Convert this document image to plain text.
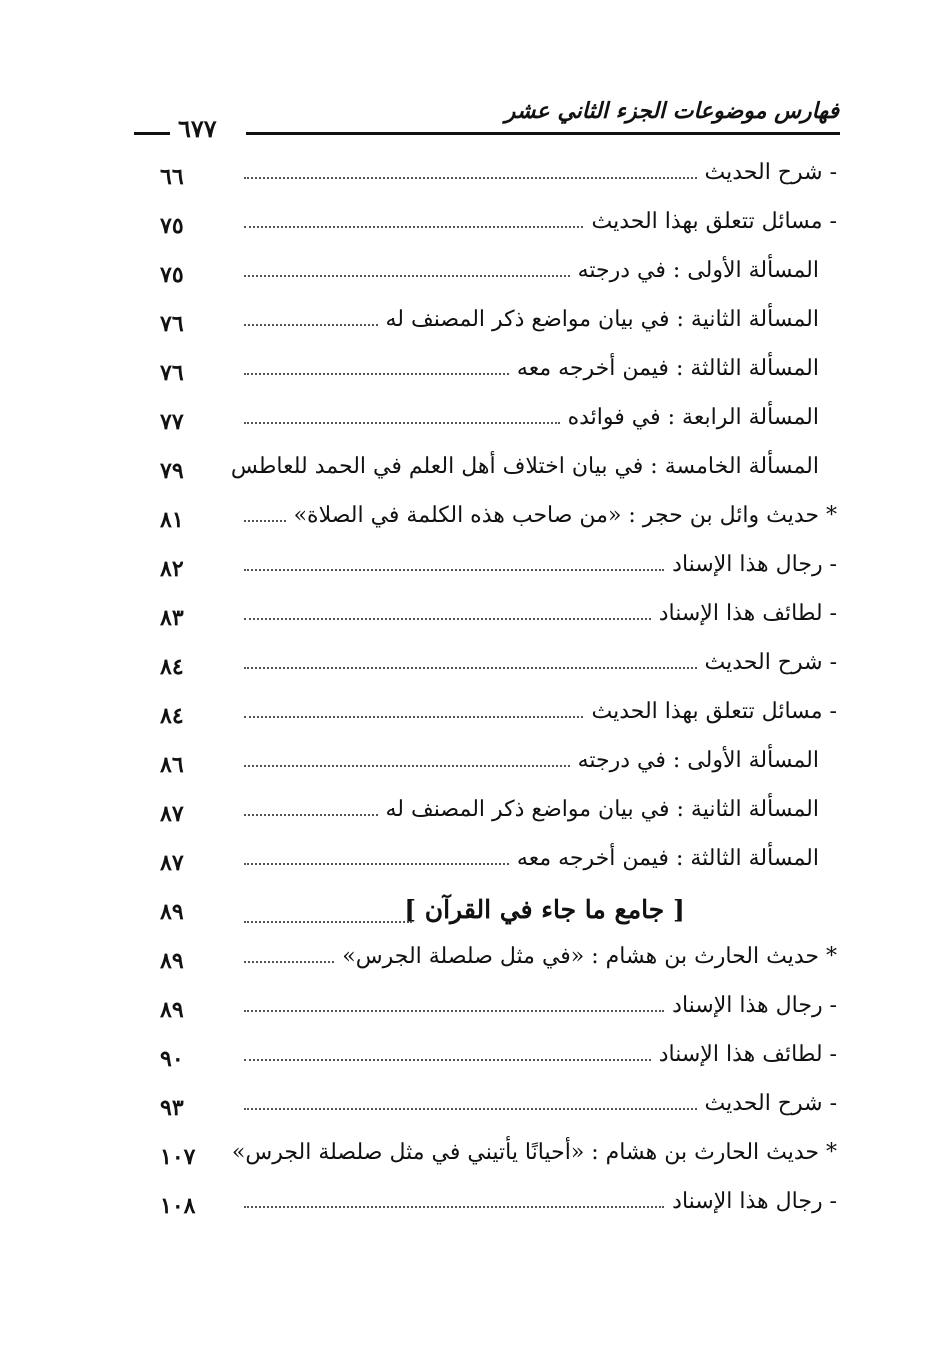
فهارس موضوعات الجزء الثاني عشر
٦٧٧
٦٦	- شرح الحديث
٧٥	- مسائل تتعلق بهذا الحديث
٧٥	المسألة الأولى : في درجته
٧٦	المسألة الثانية : في بيان مواضع ذكر المصنف له
٧٦	المسألة الثالثة : فيمن أخرجه معه
٧٧	المسألة الرابعة : في فوائده
٧٩	المسألة الخامسة : في بيان اختلاف أهل العلم في الحمد للعاطس
٨١	* حديث وائل بن حجر : «من صاحب هذه الكلمة في الصلاة»
٨٢	- رجال هذا الإسناد
٨٣	- لطائف هذا الإسناد
٨٤	- شرح الحديث
٨٤	- مسائل تتعلق بهذا الحديث
٨٦	المسألة الأولى : في درجته
٨٧	المسألة الثانية : في بيان مواضع ذكر المصنف له
٨٧	المسألة الثالثة : فيمن أخرجه معه
٨٩	[ جامع ما جاء في القرآن ]
٨٩	* حديث الحارث بن هشام : «في مثل صلصلة الجرس»
٨٩	- رجال هذا الإسناد
٩٠	- لطائف هذا الإسناد
٩٣	- شرح الحديث
١٠٧	* حديث الحارث بن هشام : «أحيانًا يأتيني في مثل صلصلة الجرس»
١٠٨	- رجال هذا الإسناد
